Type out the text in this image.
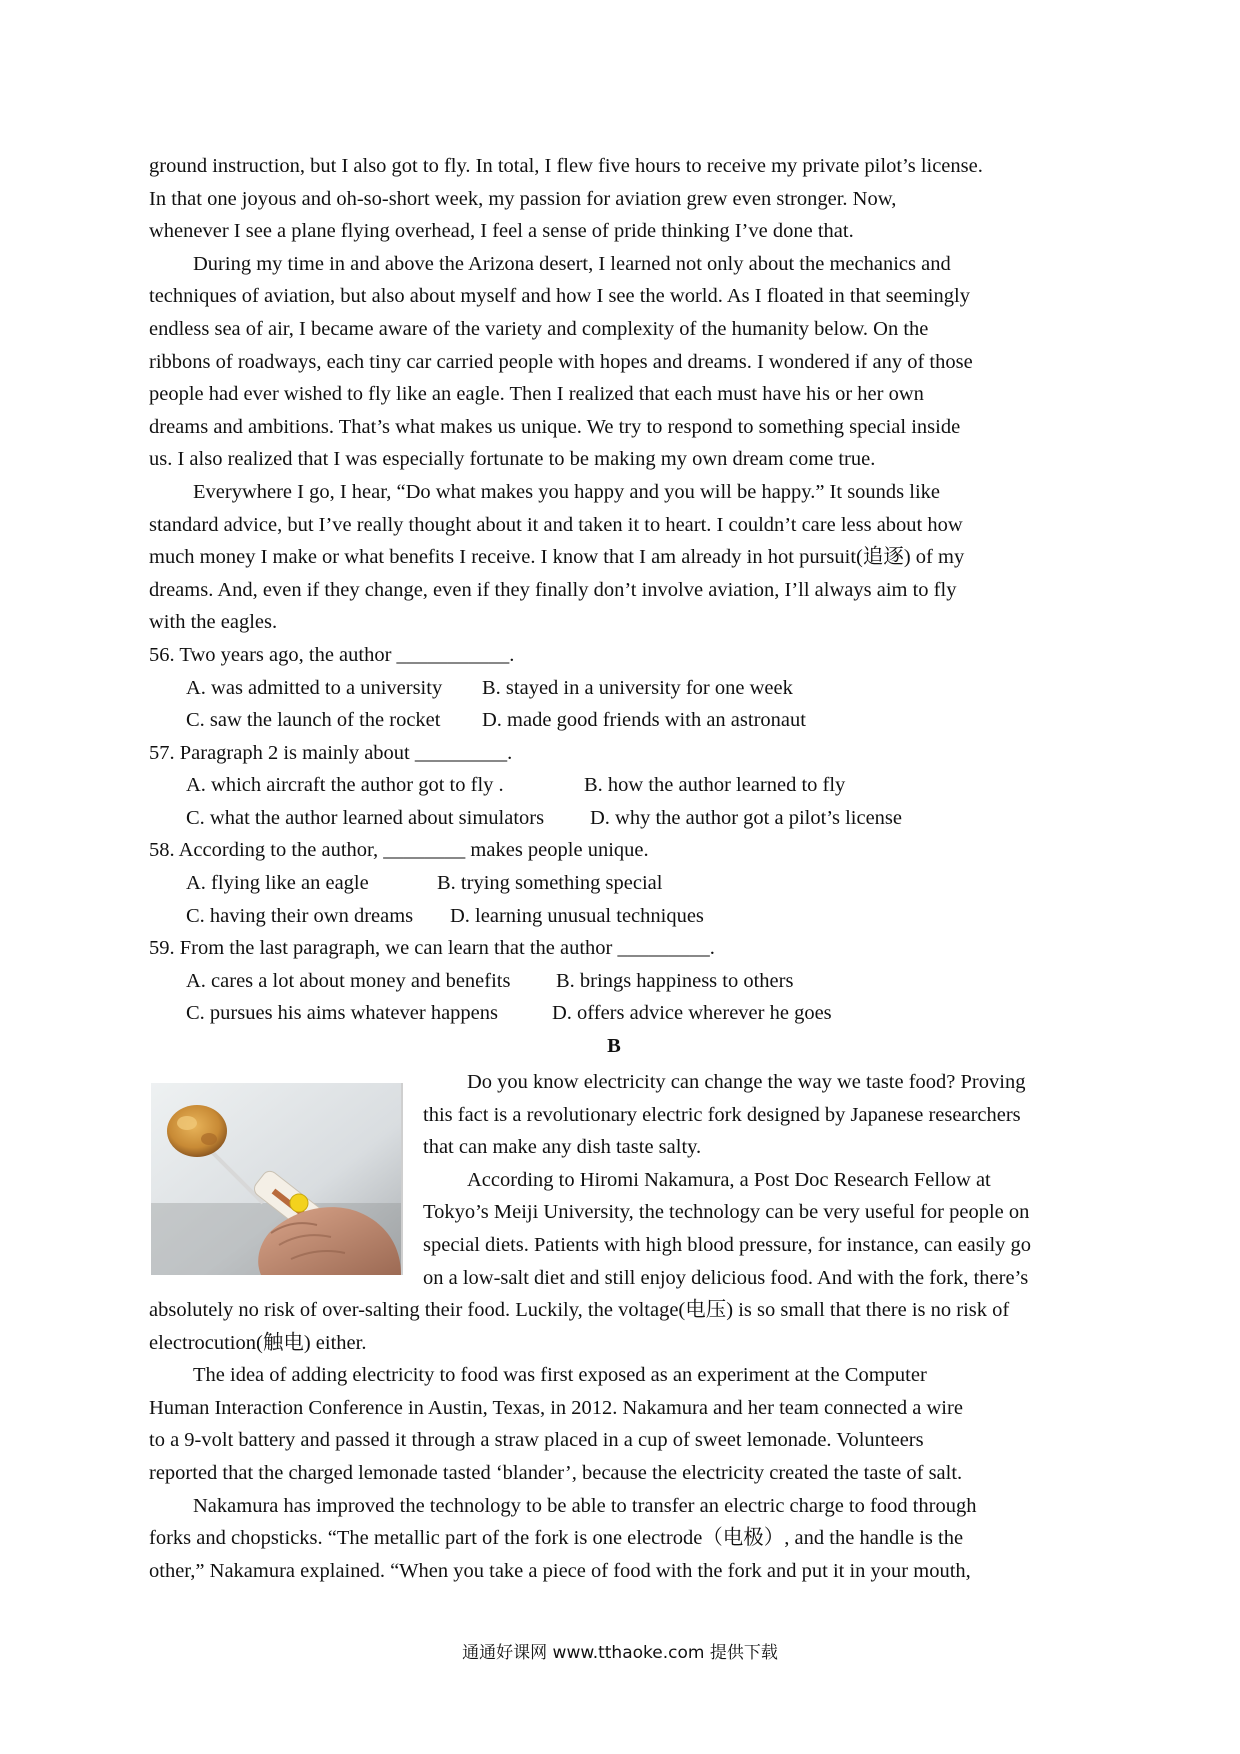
ground instruction, but I also got to fly. In total, I flew five hours to receive my private pilot’s license.
In that one joyous and oh-so-short week, my passion for aviation grew even stronger. Now,
whenever I see a plane flying overhead, I feel a sense of pride thinking I’ve done that.
During my time in and above the Arizona desert, I learned not only about the mechanics and
techniques of aviation, but also about myself and how I see the world. As I floated in that seemingly
endless sea of air, I became aware of the variety and complexity of the humanity below. On the
ribbons of roadways, each tiny car carried people with hopes and dreams. I wondered if any of those
people had ever wished to fly like an eagle. Then I realized that each must have his or her own
dreams and ambitions. That’s what makes us unique. We try to respond to something special inside
us. I also realized that I was especially fortunate to be making my own dream come true.
Everywhere I go, I hear, “Do what makes you happy and you will be happy.” It sounds like
standard advice, but I’ve really thought about it and taken it to heart. I couldn’t care less about how
much money I make or what benefits I receive. I know that I am already in hot pursuit(追逐) of my
dreams. And, even if they change, even if they finally don’t involve aviation, I’ll always aim to fly
with the eagles.
56. Two years ago, the author ___________.
A. was admitted to a university B. stayed in a university for one week
C. saw the launch of the rocket D. made good friends with an astronaut
57. Paragraph 2 is mainly about _________.
A. which aircraft the author got to fly .	B. how the author learned to fly
C. what the author learned about simulators D. why the author got a pilot’s license
58. According to the author, ________ makes people unique.
A. flying like an eagle	B. trying something special
C. having their own dreams D. learning unusual techniques
59. From the last paragraph, we can learn that the author _________.
A. cares a lot about money and benefits B. brings happiness to others
C. pursues his aims whatever happens	D. offers advice wherever he goes
B
Do you know electricity can change the way we taste food? Proving
this fact is a revolutionary electric fork designed by Japanese researchers
that can make any dish taste salty.
According to Hiromi Nakamura, a Post Doc Research Fellow at
Tokyo’s Meiji University, the technology can be very useful for people on
special diets. Patients with high blood pressure, for instance, can easily go
on a low-salt diet and still enjoy delicious food. And with the fork, there’s
absolutely no risk of over-salting their food. Luckily, the voltage(电压) is so small that there is no risk of
electrocution(触电) either.
The idea of adding electricity to food was first exposed as an experiment at the Computer
Human Interaction Conference in Austin, Texas, in 2012. Nakamura and her team connected a wire
to a 9-volt battery and passed it through a straw placed in a cup of sweet lemonade. Volunteers
reported that the charged lemonade tasted ‘blander’, because the electricity created the taste of salt.
Nakamura has improved the technology to be able to transfer an electric charge to food through
forks and chopsticks. “The metallic part of the fork is one electrode（电极）, and the handle is the
other,” Nakamura explained. “When you take a piece of food with the fork and put it in your mouth,
通通好课网 www.tthaoke.com 提供下载
